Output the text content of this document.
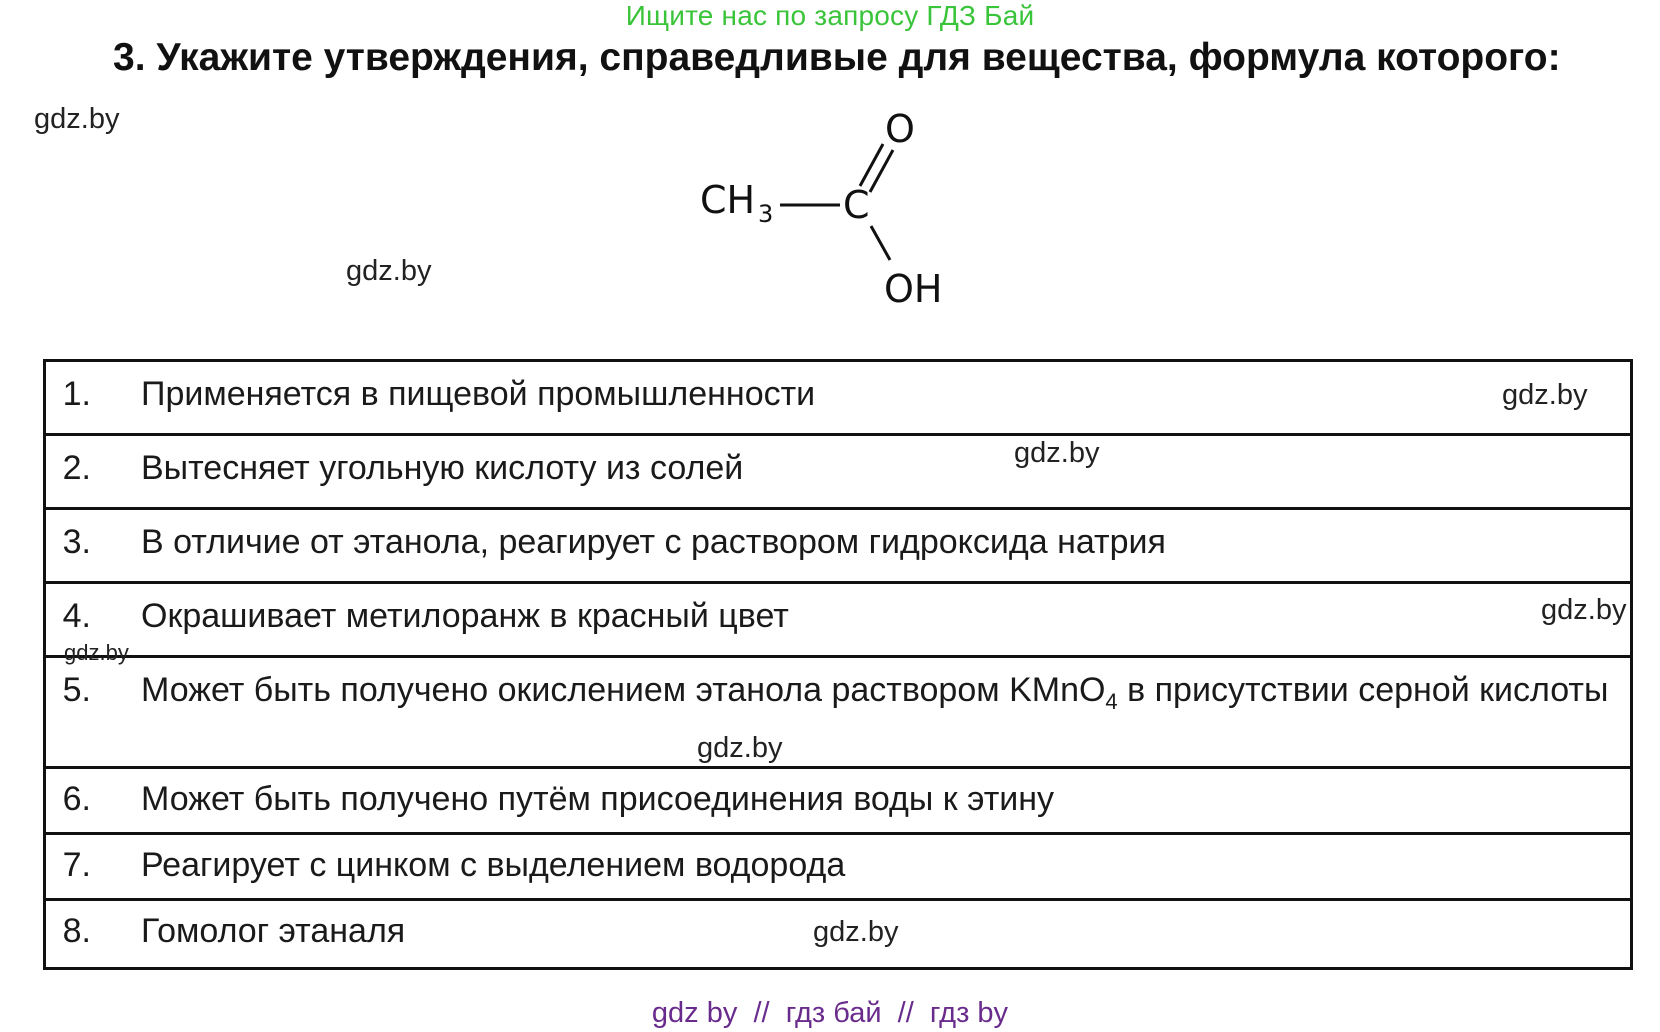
Ищите нас по запросу ГДЗ Бай
3. Укажите утверждения, справедливые для вещества, формула которого:
gdz.by
gdz.by
CH 3 C
O
OH
1.	Применяется в пищевой промышленности
2.	Вытесняет угольную кислоту из солей
3.	В отличие от этанола, реагирует с раствором гидроксида натрия
4.	Окрашивает метилоранж в красный цвет
5.	Может быть получено окислением этанола раствором KMnO$_4$ в присутствии серной кислоты
6.	Может быть получено путём присоединения воды к этину
7.	Реагирует с цинком с выделением водорода
8.	Гомолог этаналя
gdz.by
gdz.by
gdz.by
gdz.by
gdz.by
gdz.by
gdz by  //  гдз бай  //  гдз by
